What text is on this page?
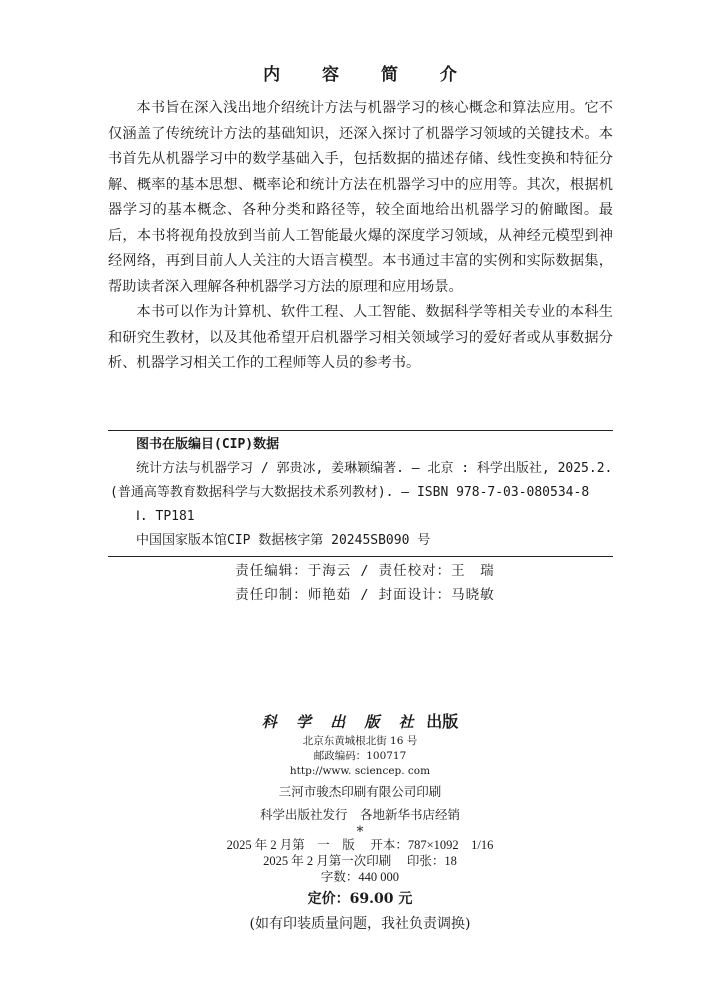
内 容 简 介

本书旨在深入浅出地介绍统计方法与机器学习的核心概念和算法应用。它不仅涵盖了传统统计方法的基础知识，还深入探讨了机器学习领域的关键技术。本书首先从机器学习中的数学基础入手，包括数据的描述存储、线性变换和特征分解、概率的基本思想、概率论和统计方法在机器学习中的应用等。其次，根据机器学习的基本概念、各种分类和路径等，较全面地给出机器学习的俯瞰图。最后，本书将视角投放到当前人工智能最火爆的深度学习领域，从神经元模型到神经网络，再到目前人人关注的大语言模型。本书通过丰富的实例和实际数据集，帮助读者深入理解各种机器学习方法的原理和应用场景。

本书可以作为计算机、软件工程、人工智能、数据科学等相关专业的本科生和研究生教材，以及其他希望开启机器学习相关领域学习的爱好者或从事数据分析、机器学习相关工作的工程师等人员的参考书。

图书在版编目(CIP)数据
统计方法与机器学习 / 郭贵冰, 姜琳颖编著. — 北京 : 科学出版社, 2025.2.
(普通高等教育数据科学与大数据技术系列教材). — ISBN 978-7-03-080534-8
Ⅰ. TP181
中国国家版本馆CIP 数据核字第 20245SB090 号
责任编辑：于海云 / 责任校对：王　瑞
责任印制：师艳茹 / 封面设计：马晓敏
科 学 出 版 社 出版
北京东黄城根北街 16 号
邮政编码：100717
http://www. sciencep. com
三河市骏杰印刷有限公司印刷
科学出版社发行　各地新华书店经销
*
2025 年 2 月第　一　版　 开本：787×1092　1/16
2025 年 2 月第一次印刷　 印张：18
字数：440 000
定价：69.00 元
(如有印装质量问题，我社负责调换)
